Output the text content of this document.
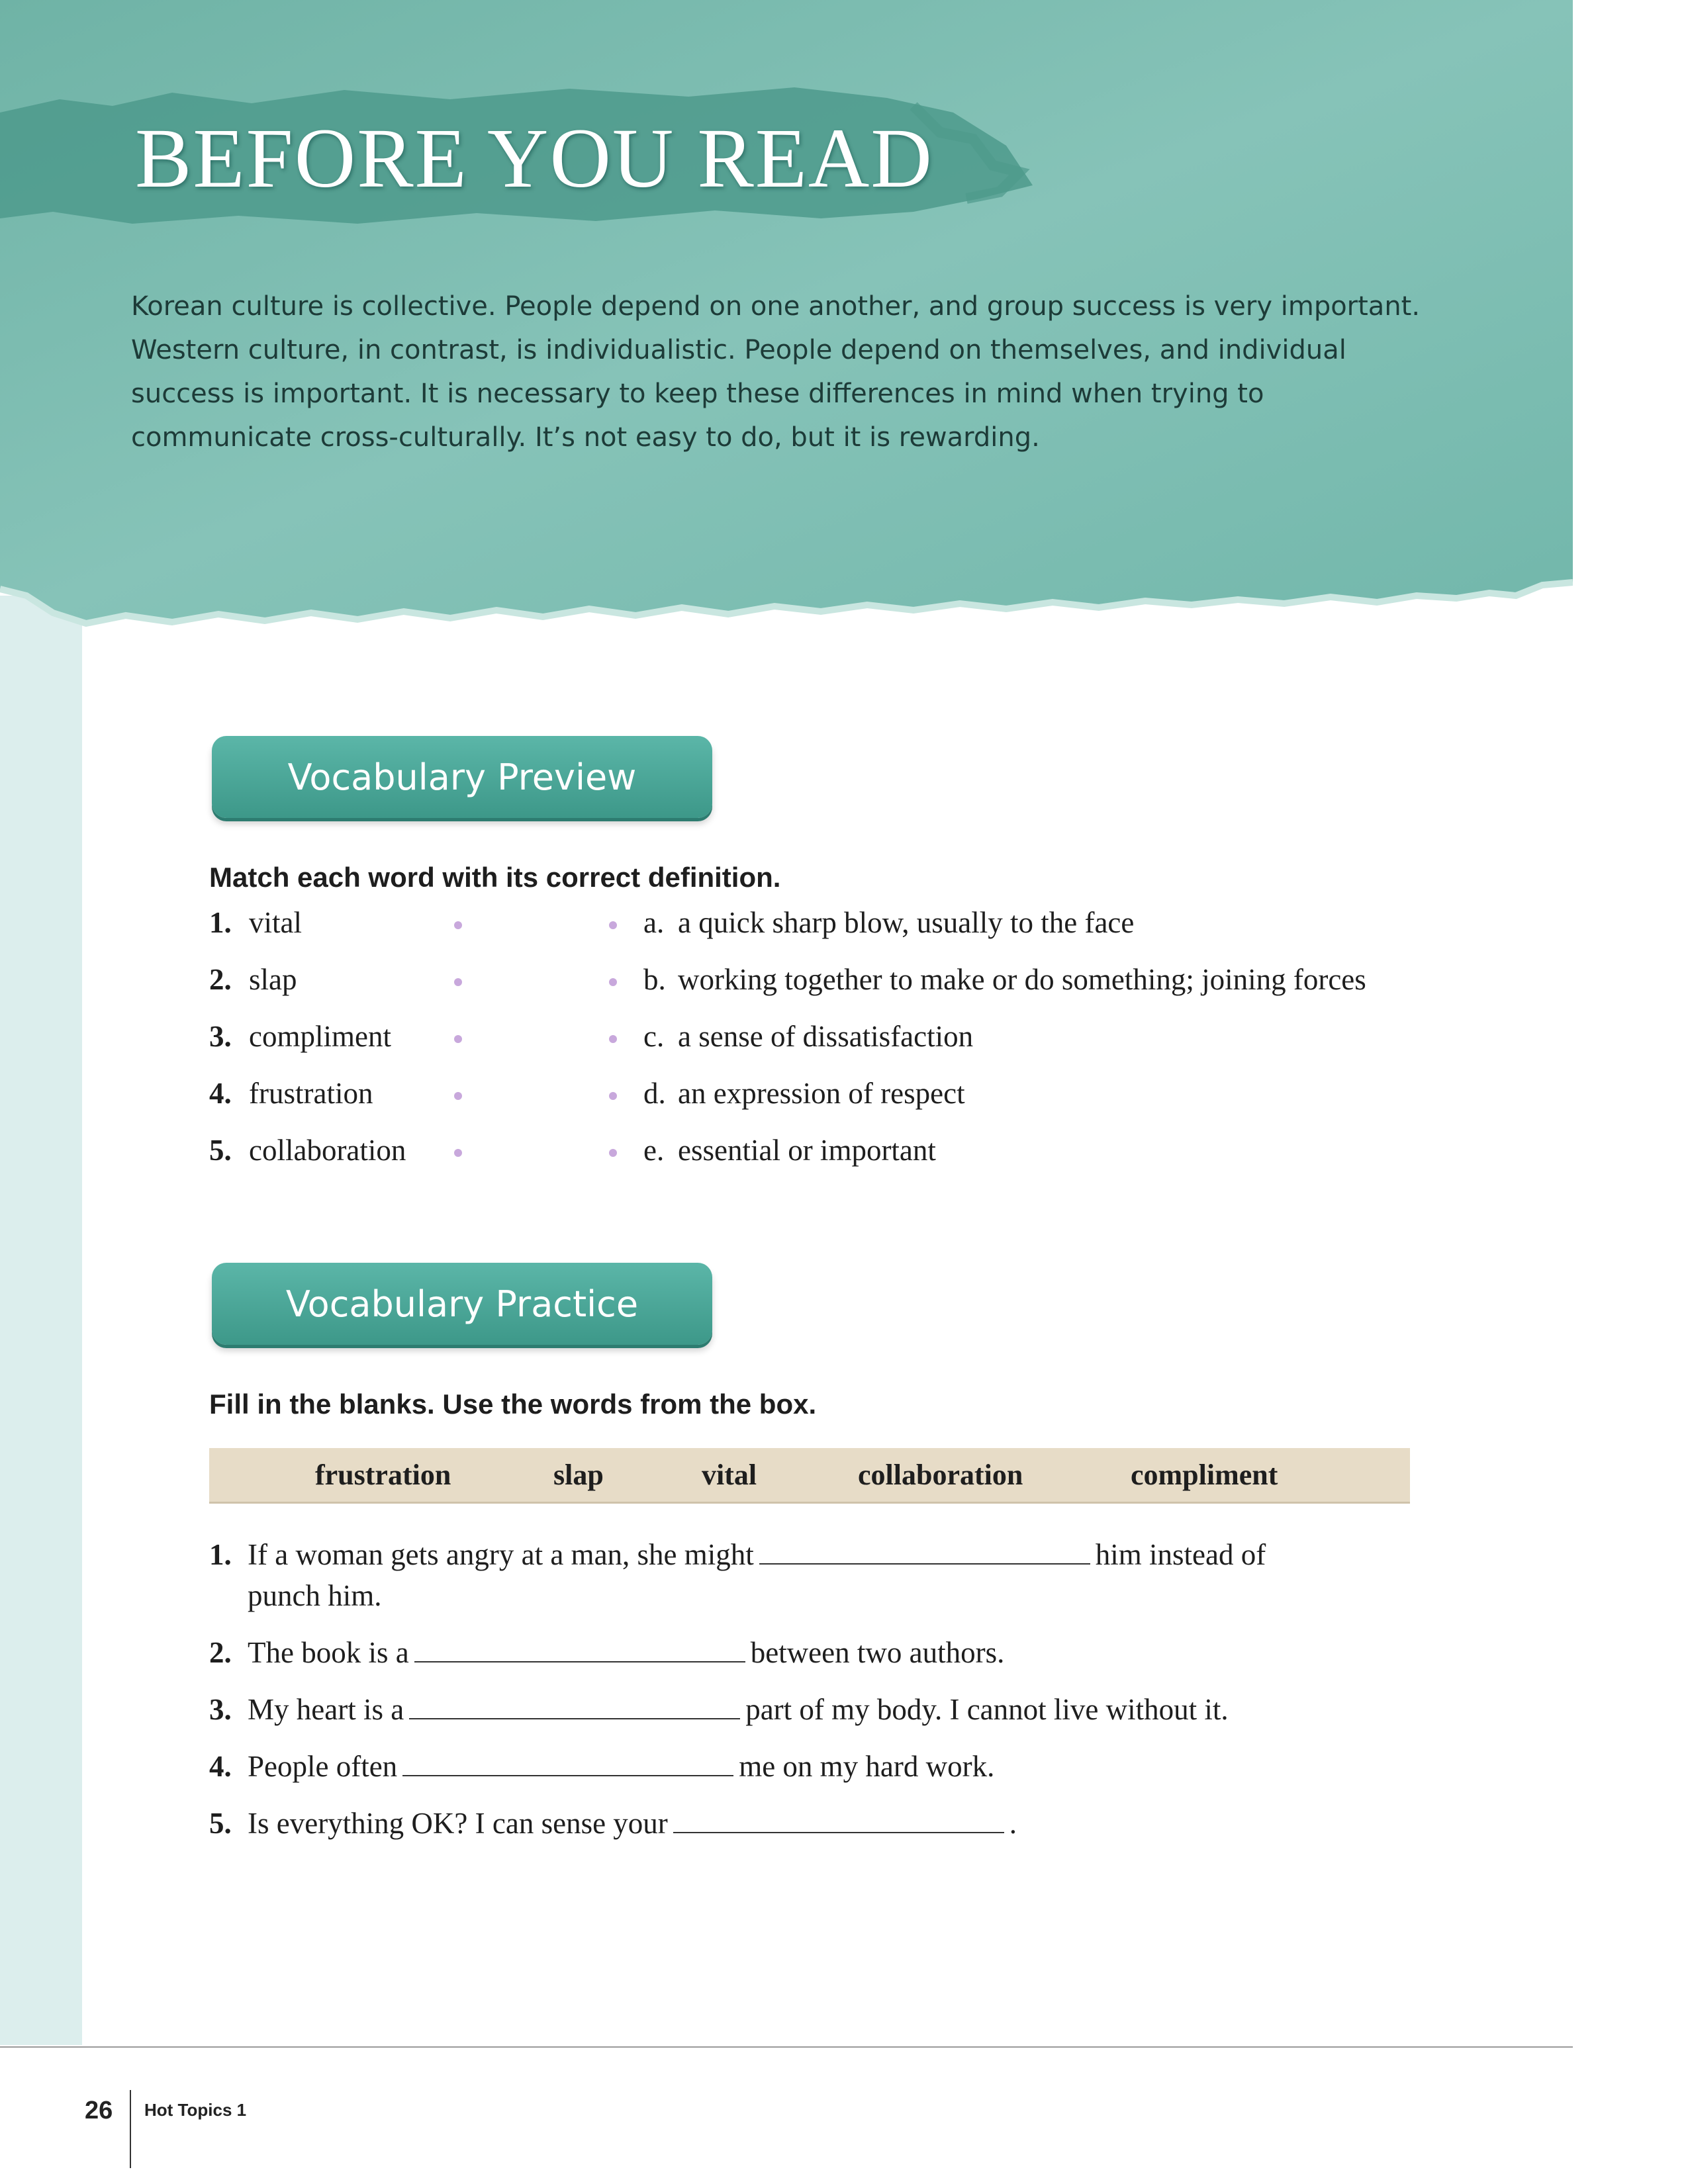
BEFORE YOU READ

Korean culture is collective. People depend on one another, and group success is very important. Western culture, in contrast, is individualistic. People depend on themselves, and individual success is important. It is necessary to keep these differences in mind when trying to communicate cross-culturally. It’s not easy to do, but it is rewarding.

Vocabulary Preview

Match each word with its correct definition.

1. vital	a. a quick sharp blow, usually to the face
2. slap	b. working together to make or do something; joining forces
3. compliment	c. a sense of dissatisfaction
4. frustration	d. an expression of respect
5. collaboration	e. essential or important
Vocabulary Practice

Fill in the blanks. Use the words from the box.

frustration	slap	vital	collaboration	compliment
1. If a woman gets angry at a man, she might	him instead of
punch him.
2. The book is a	between two authors.
3. My heart is a	part of my body. I cannot live without it.
4. People often	me on my hard work.
5. Is everything OK? I can sense your	.
26 Hot Topics 1
